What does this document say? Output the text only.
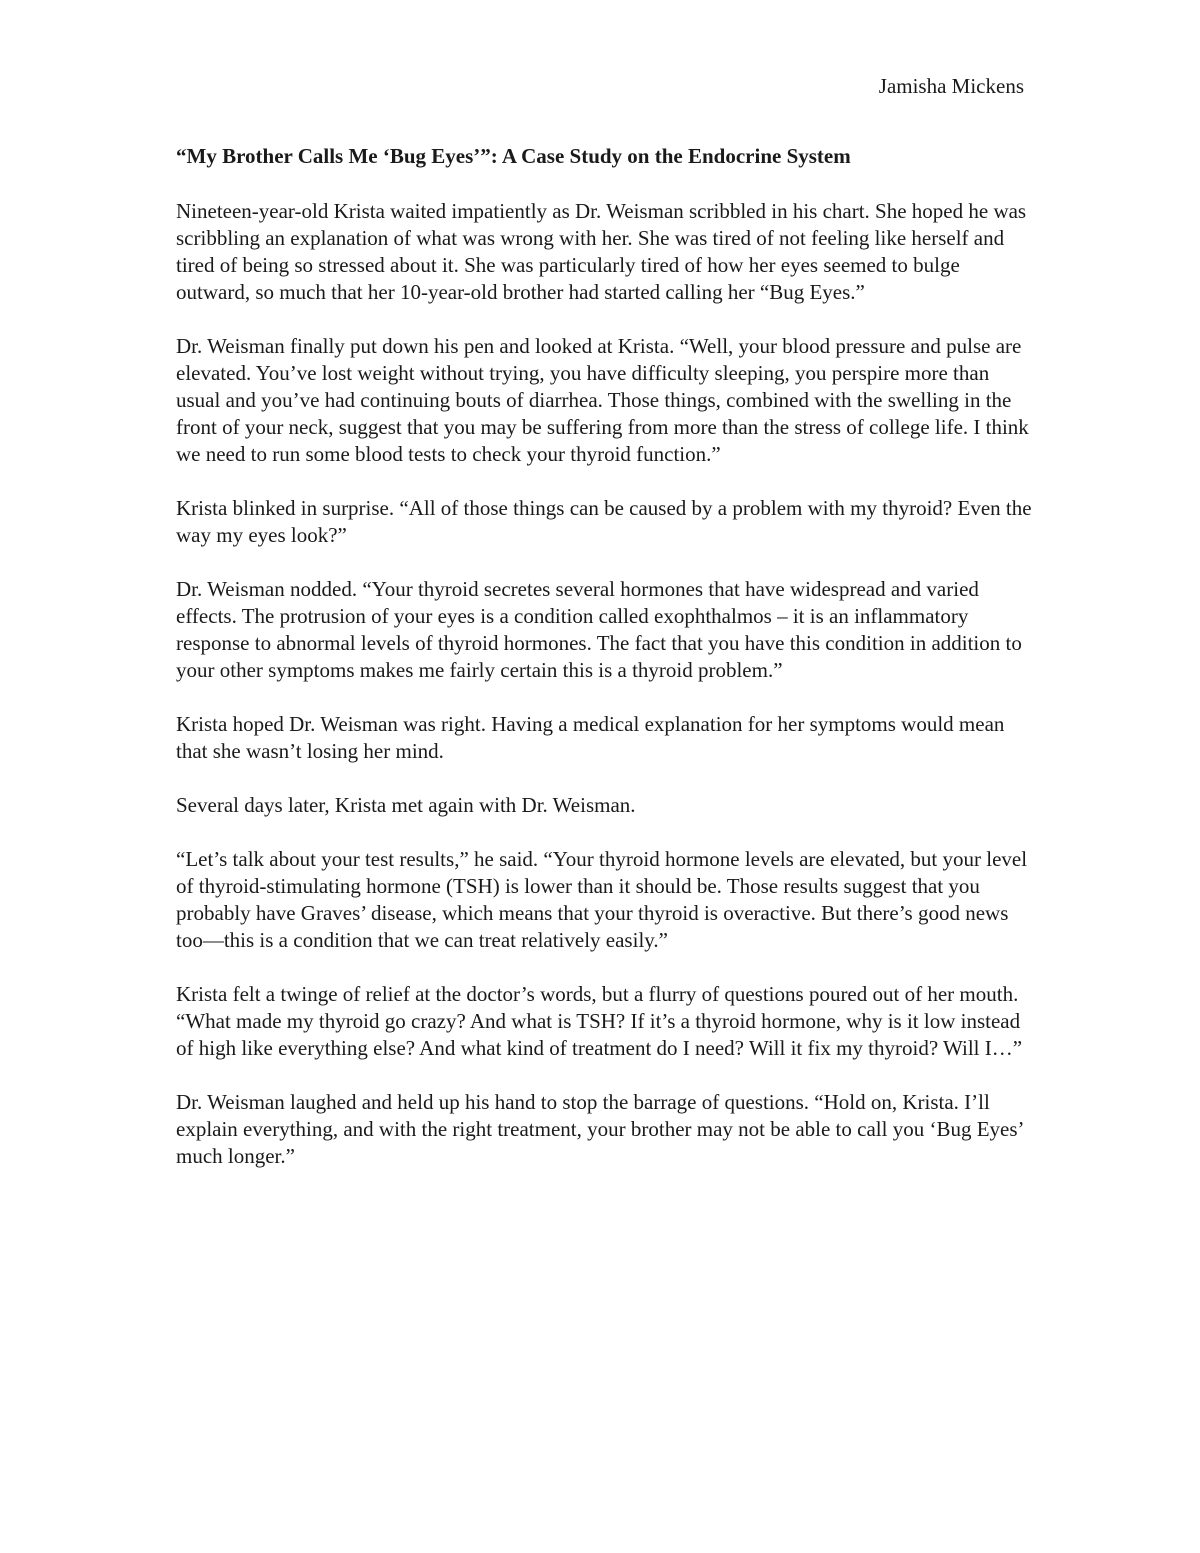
Jamisha Mickens
“My Brother Calls Me ‘Bug Eyes’”: A Case Study on the Endocrine System

Nineteen-year-old Krista waited impatiently as Dr. Weisman scribbled in his chart. She hoped he was scribbling an explanation of what was wrong with her. She was tired of not feeling like herself and tired of being so stressed about it. She was particularly tired of how her eyes seemed to bulge outward, so much that her 10-year-old brother had started calling her “Bug Eyes.”

Dr. Weisman finally put down his pen and looked at Krista. “Well, your blood pressure and pulse are elevated. You’ve lost weight without trying, you have difficulty sleeping, you perspire more than usual and you’ve had continuing bouts of diarrhea. Those things, combined with the swelling in the front of your neck, suggest that you may be suffering from more than the stress of college life. I think we need to run some blood tests to check your thyroid function.”

Krista blinked in surprise. “All of those things can be caused by a problem with my thyroid? Even the way my eyes look?”

Dr. Weisman nodded. “Your thyroid secretes several hormones that have widespread and varied effects. The protrusion of your eyes is a condition called exophthalmos – it is an inflammatory response to abnormal levels of thyroid hormones. The fact that you have this condition in addition to your other symptoms makes me fairly certain this is a thyroid problem.”

Krista hoped Dr. Weisman was right. Having a medical explanation for her symptoms would mean that she wasn’t losing her mind.

Several days later, Krista met again with Dr. Weisman.

“Let’s talk about your test results,” he said. “Your thyroid hormone levels are elevated, but your level of thyroid-stimulating hormone (TSH) is lower than it should be. Those results suggest that you probably have Graves’ disease, which means that your thyroid is overactive. But there’s good news too—this is a condition that we can treat relatively easily.”

Krista felt a twinge of relief at the doctor’s words, but a flurry of questions poured out of her mouth. “What made my thyroid go crazy? And what is TSH? If it’s a thyroid hormone, why is it low instead of high like everything else? And what kind of treatment do I need? Will it fix my thyroid? Will I…”

Dr. Weisman laughed and held up his hand to stop the barrage of questions. “Hold on, Krista. I’ll explain everything, and with the right treatment, your brother may not be able to call you ‘Bug Eyes’ much longer.”
